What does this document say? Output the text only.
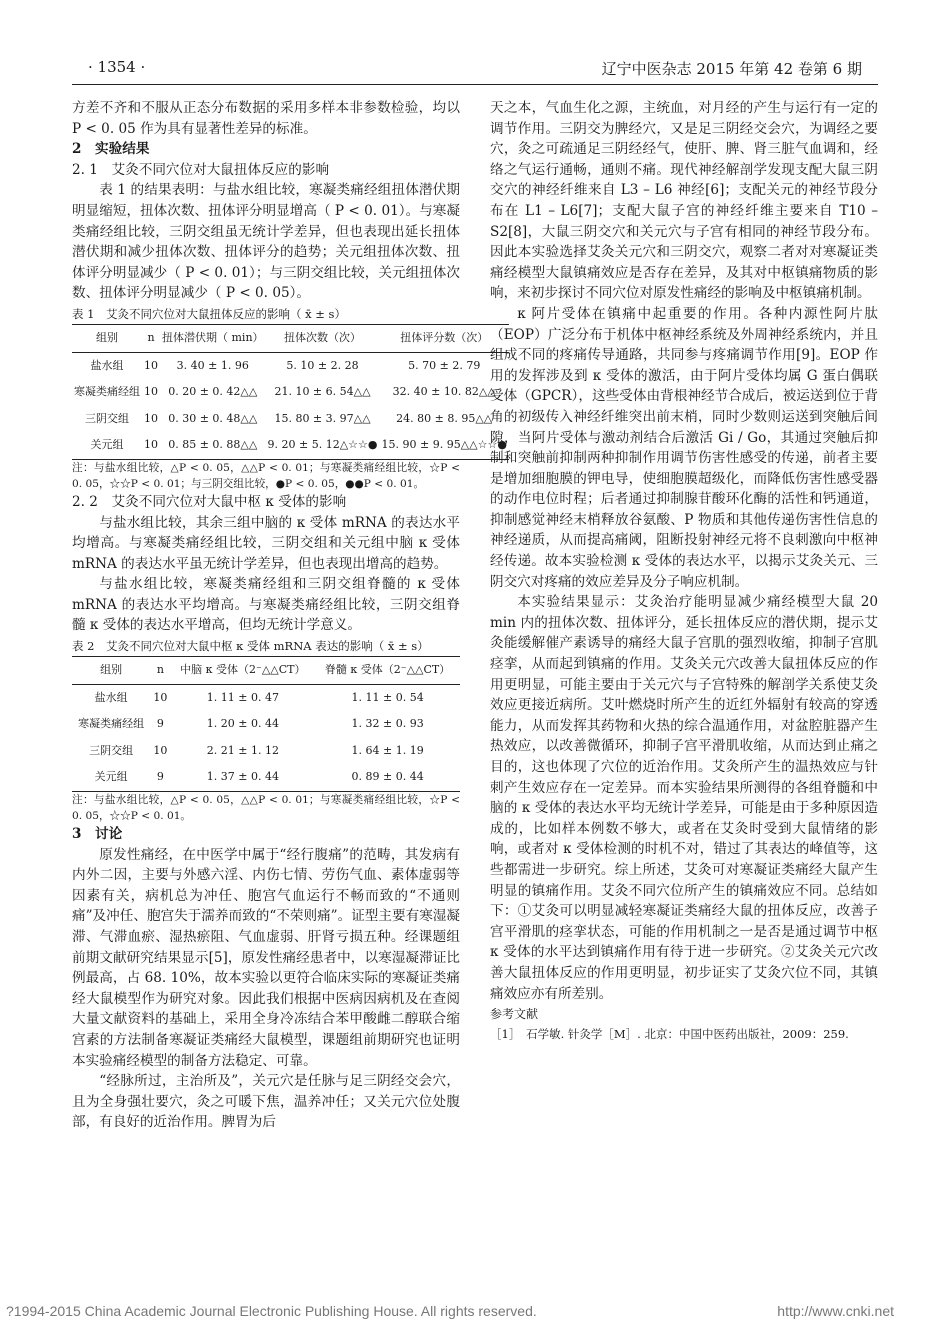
· 1354 ·	辽宁中医杂志 2015 年第 42 卷第 6 期

方差不齐和不服从正态分布数据的采用多样本非参数检验，均以 P < 0. 05 作为具有显著性差异的标准。

2　实验结果

2. 1　艾灸不同穴位对大鼠扭体反应的影响

表 1 的结果表明：与盐水组比较，寒凝类痛经组扭体潜伏期明显缩短，扭体次数、扭体评分明显增高（ P < 0. 01）。与寒凝类痛经组比较，三阴交组虽无统计学差异，但也表现出延长扭体潜伏期和减少扭体次数、扭体评分的趋势；关元组扭体次数、扭体评分明显减少（ P < 0. 01）；与三阴交组比较，关元组扭体次数、扭体评分明显减少（ P < 0. 05）。

表 1　艾灸不同穴位对大鼠扭体反应的影响（ x̄ ± s）

组别	n	扭体潜伏期（ min）	扭体次数（次）	扭体评分数（次）
盐水组	10	3. 40 ± 1. 96	5. 10 ± 2. 28	5. 70 ± 2. 79
寒凝类痛经组	10	0. 20 ± 0. 42△△	21. 10 ± 6. 54△△	32. 40 ± 10. 82△△
三阴交组	10	0. 30 ± 0. 48△△	15. 80 ± 3. 97△△	24. 80 ± 8. 95△△
关元组	10	0. 85 ± 0. 88△△	9. 20 ± 5. 12△☆☆●	15. 90 ± 9. 95△△☆☆●

注：与盐水组比较，△P < 0. 05，△△P < 0. 01；与寒凝类痛经组比较，☆P < 0. 05，☆☆P < 0. 01；与三阴交组比较，●P < 0. 05，●●P < 0. 01。

2. 2　艾灸不同穴位对大鼠中枢 κ 受体的影响

与盐水组比较，其余三组中脑的 κ 受体 mRNA 的表达水平均增高。与寒凝类痛经组比较，三阴交组和关元组中脑 κ 受体 mRNA 的表达水平虽无统计学差异，但也表现出增高的趋势。

与盐水组比较，寒凝类痛经组和三阴交组脊髓的 κ 受体 mRNA 的表达水平均增高。与寒凝类痛经组比较，三阴交组脊髓 κ 受体的表达水平增高，但均无统计学意义。

表 2　艾灸不同穴位对大鼠中枢 κ 受体 mRNA 表达的影响（ x̄ ± s）

组别	n	中脑 κ 受体（2⁻△△CT）	脊髓 κ 受体（2⁻△△CT）
盐水组	10	1. 11 ± 0. 47	1. 11 ± 0. 54
寒凝类痛经组	9	1. 20 ± 0. 44	1. 32 ± 0. 93
三阴交组	10	2. 21 ± 1. 12	1. 64 ± 1. 19
关元组	9	1. 37 ± 0. 44	0. 89 ± 0. 44

注：与盐水组比较，△P < 0. 05，△△P < 0. 01；与寒凝类痛经组比较，☆P < 0. 05，☆☆P < 0. 01。

3　讨论

原发性痛经，在中医学中属于“经行腹痛”的范畴，其发病有内外二因，主要与外感六淫、内伤七情、劳伤气血、素体虚弱等因素有关，病机总为冲任、胞宫气血运行不畅而致的“不通则痛”及冲任、胞宫失于濡养而致的“不荣则痛”。证型主要有寒湿凝滞、气滞血瘀、湿热瘀阻、气血虚弱、肝肾亏损五种。经课题组前期文献研究结果显示[5]，原发性痛经患者中，以寒湿凝滞证比例最高，占 68. 10%，故本实验以更符合临床实际的寒凝证类痛经大鼠模型作为研究对象。因此我们根据中医病因病机及在查阅大量文献资料的基础上，采用全身冷冻结合苯甲酸雌二醇联合缩宫素的方法制备寒凝证类痛经大鼠模型，课题组前期研究也证明本实验痛经模型的制备方法稳定、可靠。

“经脉所过，主治所及”，关元穴是任脉与足三阴经交会穴，且为全身强壮要穴，灸之可暖下焦，温养冲任；又关元穴位处腹部，有良好的近治作用。脾胃为后

天之本，气血生化之源，主统血，对月经的产生与运行有一定的调节作用。三阴交为脾经穴，又是足三阴经交会穴，为调经之要穴，灸之可疏通足三阴经经气，使肝、脾、肾三脏气血调和，经络之气运行通畅，通则不痛。现代神经解剖学发现支配大鼠三阴交穴的神经纤维来自 L3 – L6 神经[6]；支配关元的神经节段分布在 L1 – L6[7]；支配大鼠子宫的神经纤维主要来自 T10 – S2[8]，大鼠三阴交穴和关元穴与子宫有相同的神经节段分布。因此本实验选择艾灸关元穴和三阴交穴，观察二者对对寒凝证类痛经模型大鼠镇痛效应是否存在差异，及其对中枢镇痛物质的影响，来初步探讨不同穴位对原发性痛经的影响及中枢镇痛机制。

κ 阿片受体在镇痛中起重要的作用。各种内源性阿片肽（EOP）广泛分布于机体中枢神经系统及外周神经系统内，并且组成不同的疼痛传导通路，共同参与疼痛调节作用[9]。EOP 作用的发挥涉及到 κ 受体的激活，由于阿片受体均属 G 蛋白偶联受体（GPCR），这些受体由背根神经节合成后，被运送到位于背角的初级传入神经纤维突出前末梢，同时少数则运送到突触后间隙，当阿片受体与激动剂结合后激活 Gi / Go，其通过突触后抑制和突触前抑制两种抑制作用调节伤害性感受的传递，前者主要是增加细胞膜的钾电导，使细胞膜超级化，而降低伤害性感受器的动作电位时程；后者通过抑制腺苷酸环化酶的活性和钙通道，抑制感觉神经末梢释放谷氨酸、P 物质和其他传递伤害性信息的神经递质，从而提高痛阈，阻断投射神经元将不良刺激向中枢神经传递。故本实验检测 κ 受体的表达水平，以揭示艾灸关元、三阴交穴对疼痛的效应差异及分子响应机制。

本实验结果显示：艾灸治疗能明显减少痛经模型大鼠 20 min 内的扭体次数、扭体评分，延长扭体反应的潜伏期，提示艾灸能缓解催产素诱导的痛经大鼠子宫肌的强烈收缩，抑制子宫肌痉挛，从而起到镇痛的作用。艾灸关元穴改善大鼠扭体反应的作用更明显，可能主要由于关元穴与子宫特殊的解剖学关系使艾灸效应更接近病所。艾叶燃烧时所产生的近红外辐射有较高的穿透能力，从而发挥其药物和火热的综合温通作用，对盆腔脏器产生热效应，以改善微循环，抑制子宫平滑肌收缩，从而达到止痛之目的，这也体现了穴位的近治作用。艾灸所产生的温热效应与针刺产生效应存在一定差异。而本实验结果所测得的各组脊髓和中脑的 κ 受体的表达水平均无统计学差异，可能是由于多种原因造成的，比如样本例数不够大，或者在艾灸时受到大鼠情绪的影响，或者对 κ 受体检测的时机不对，错过了其表达的峰值等，这些都需进一步研究。综上所述，艾灸可对寒凝证类痛经大鼠产生明显的镇痛作用。艾灸不同穴位所产生的镇痛效应不同。总结如下：①艾灸可以明显减轻寒凝证类痛经大鼠的扭体反应，改善子宫平滑肌的痉挛状态，可能的作用机制之一是否是通过调节中枢 κ 受体的水平达到镇痛作用有待于进一步研究。②艾灸关元穴改善大鼠扭体反应的作用更明显，初步证实了艾灸穴位不同，其镇痛效应亦有所差别。

参考文献

［1］　石学敏. 针灸学［M］. 北京：中国中医药出版社，2009：259.

?1994-2015 China Academic Journal Electronic Publishing House. All rights reserved.	http://www.cnki.net
